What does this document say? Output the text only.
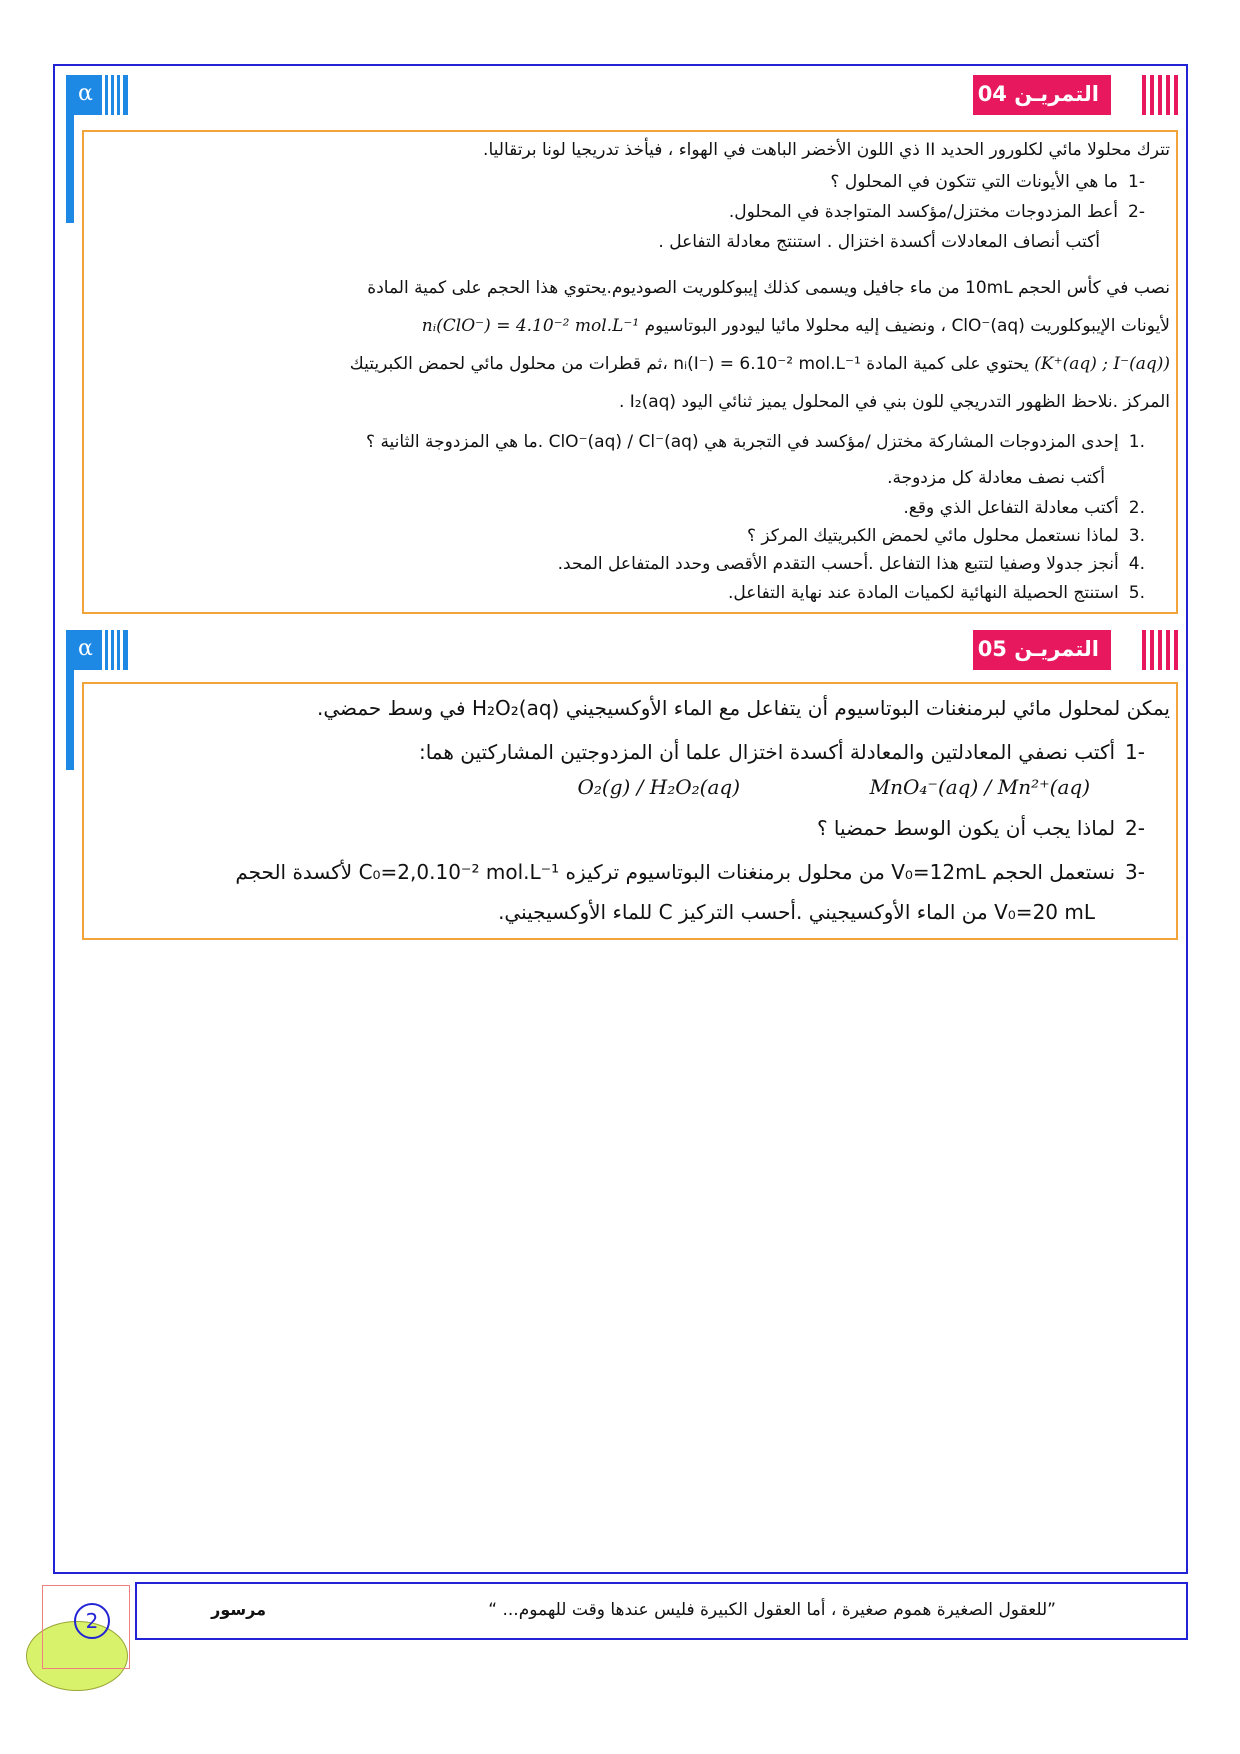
α	التمريـن 04
تترك محلولا مائي لكلورور الحديد II ذي اللون الأخضر الباهت في الهواء ، فيأخذ تدريجيا لونا برتقاليا.
-1ما هي الأيونات التي تتكون في المحلول ؟
-2أعط المزدوجات مختزل/مؤكسد المتواجدة في المحلول.
أكتب أنصاف المعادلات أكسدة اختزال . استنتج معادلة التفاعل .
نصب في كأس الحجم 10mL من ماء جافيل ويسمى كذلك إيبوكلوريت الصوديوم.يحتوي هذا الحجم على كمية المادة
لأيونات الإيبوكلوريت ClO⁻(aq) ، ونضيف إليه محلولا مائيا ليودور البوتاسيوم nᵢ(ClO⁻) = 4.10⁻² mol.L⁻¹
(K⁺(aq) ; I⁻(aq)) يحتوي على كمية المادة nᵢ(I⁻) = 6.10⁻² mol.L⁻¹ ،ثم قطرات من محلول مائي لحمض الكبريتيك
المركز .نلاحظ الظهور التدريجي للون بني في المحلول يميز ثنائي اليود I₂(aq) .
.1إحدى المزدوجات المشاركة مختزل /مؤكسد في التجربة هي ClO⁻(aq) / Cl⁻(aq) .ما هي المزدوجة الثانية ؟
أكتب نصف معادلة كل مزدوجة.
.2أكتب معادلة التفاعل الذي وقع.
.3لماذا نستعمل محلول مائي لحمض الكبريتيك المركز ؟
.4أنجز جدولا وصفيا لتتبع هذا التفاعل .أحسب التقدم الأقصى وحدد المتفاعل المحد.
.5استنتج الحصيلة النهائية لكميات المادة عند نهاية التفاعل.
α	التمريـن 05
يمكن لمحلول مائي لبرمنغنات البوتاسيوم أن يتفاعل مع الماء الأوكسيجيني H₂O₂(aq) في وسط حمضي.
-1أكتب نصفي المعادلتين والمعادلة أكسدة اختزال علما أن المزدوجتين المشاركتين هما:
MnO₄⁻(aq) / Mn²⁺(aq)
O₂(g) / H₂O₂(aq)
-2لماذا يجب أن يكون الوسط حمضيا ؟
-3نستعمل الحجم V₀=12mL من محلول برمنغنات البوتاسيوم تركيزه C₀=2,0.10⁻² mol.L⁻¹ لأكسدة الحجم
V₀=20 mL من الماء الأوكسيجيني .أحسب التركيز C للماء الأوكسيجيني.
”للعقول الصغيرة هموم صغيرة ، أما العقول الكبيرة فليس عندها وقت للهموم... “
مرسور
2
